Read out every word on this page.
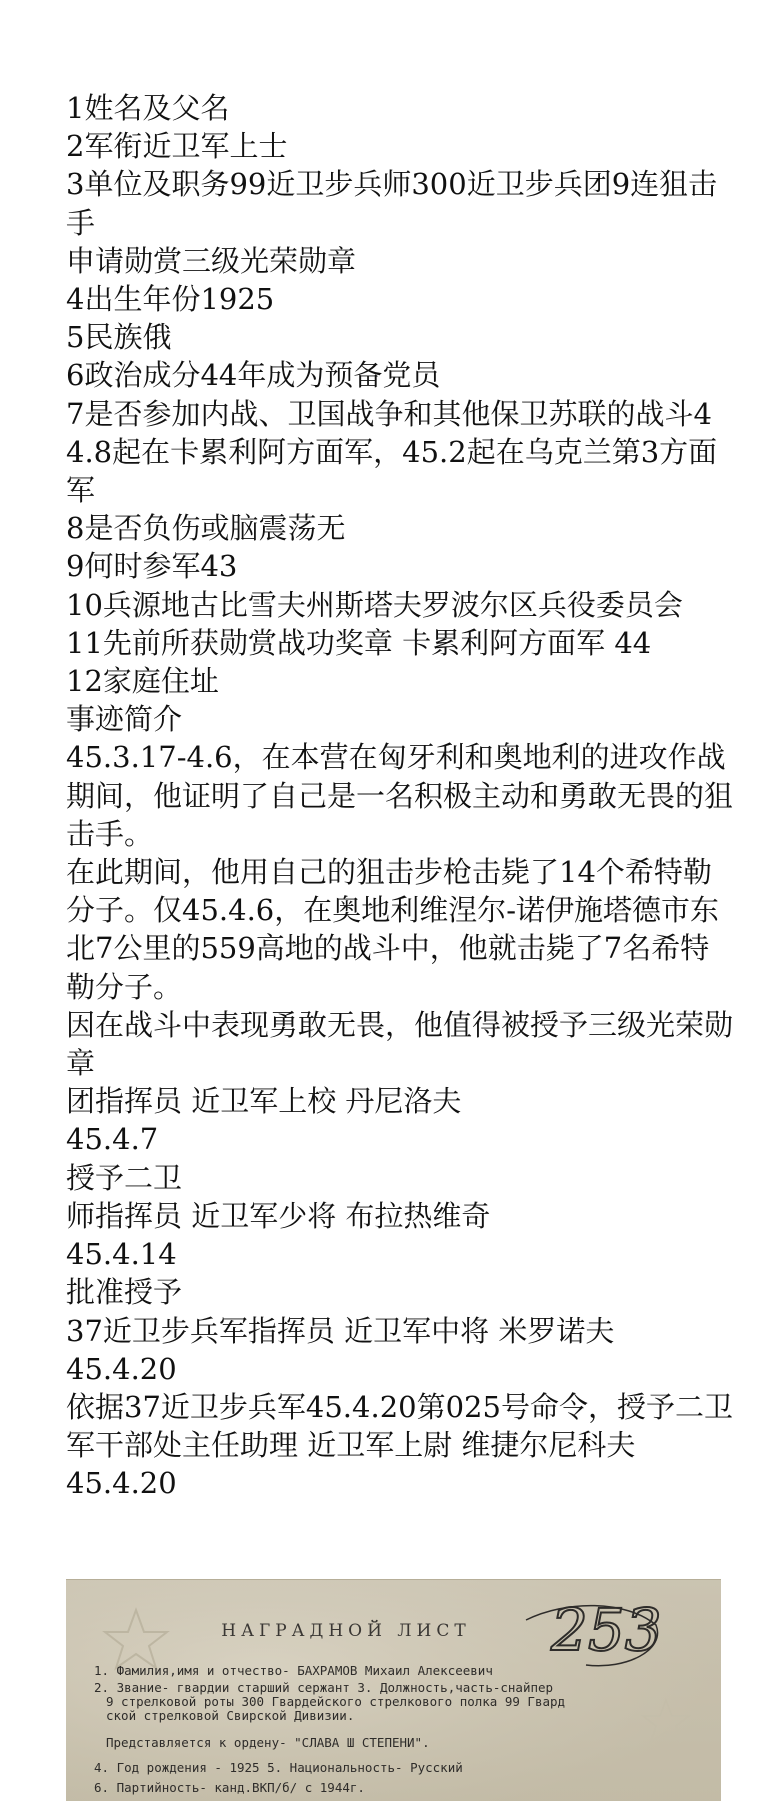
1姓名及父名
2军衔近卫军上士
3单位及职务99近卫步兵师300近卫步兵团9连狙击手
申请勋赏三级光荣勋章
4出生年份1925
5民族俄
6政治成分44年成为预备党员
7是否参加内战、卫国战争和其他保卫苏联的战斗44.8起在卡累利阿方面军，45.2起在乌克兰第3方面军
8是否负伤或脑震荡无
9何时参军43
10兵源地古比雪夫州斯塔夫罗波尔区兵役委员会
11先前所获勋赏战功奖章 卡累利阿方面军 44
12家庭住址
事迹简介
45.3.17-4.6，在本营在匈牙利和奥地利的进攻作战期间，他证明了自己是一名积极主动和勇敢无畏的狙击手。
在此期间，他用自己的狙击步枪击毙了14个希特勒分子。仅45.4.6，在奥地利维涅尔-诺伊施塔德市东北7公里的559高地的战斗中，他就击毙了7名希特勒分子。
因在战斗中表现勇敢无畏，他值得被授予三级光荣勋章
团指挥员 近卫军上校 丹尼洛夫
45.4.7
授予二卫
师指挥员 近卫军少将 布拉热维奇
45.4.14
批准授予
37近卫步兵军指挥员 近卫军中将 米罗诺夫
45.4.20
依据37近卫步兵军45.4.20第025号命令，授予二卫
军干部处主任助理 近卫军上尉 维捷尔尼科夫
45.4.20
НАГРАДНОЙ ЛИСТ 253
1. Фамилия,имя и отчество- БАХРАМОВ Михаил Алексеевич
2. Звание- гвардии старший сержант 3. Должность,часть-снайпер
9 стрелковой роты 300 Гвардейского стрелкового полка 99 Гвард
ской стрелковой Свирской Дивизии.
Представляется к ордену- "СЛАВА Ш СТЕПЕНИ".
4. Год рождения - 1925 5. Национальность- Русский
6. Партийность- канд.ВКП/б/ с 1944г.
